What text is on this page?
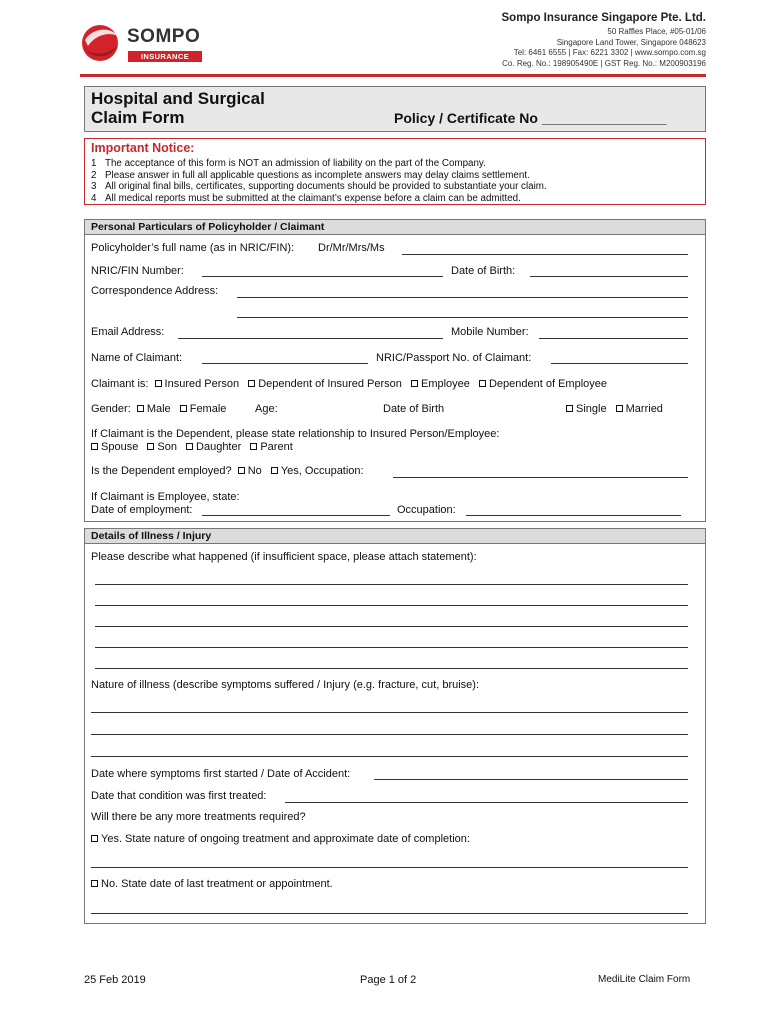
SOMPO
INSURANCE
Sompo Insurance Singapore Pte. Ltd.
50 Raffles Place, #05-01/06
Singapore Land Tower, Singapore 048623
Tel: 6461 6555 | Fax: 6221 3302 | www.sompo.com.sg
Co. Reg. No.: 198905490E | GST Reg. No.: M200903196
Hospital and Surgical
Claim Form	Policy / Certificate No ________________
Important Notice:
1 The acceptance of this form is NOT an admission of liability on the part of the Company.
2 Please answer in full all applicable questions as incomplete answers may delay claims settlement.
3 All original final bills, certificates, supporting documents should be provided to substantiate your claim.
4 All medical reports must be submitted at the claimant’s expense before a claim can be admitted.
Personal Particulars of Policyholder / Claimant
Policyholder’s full name (as in NRIC/FIN): Dr/Mr/Mrs/Ms
NRIC/FIN Number:	Date of Birth:
Correspondence Address:
Email Address:	Mobile Number:
Name of Claimant:	NRIC/Passport No. of Claimant:
Claimant is: Insured Person Dependent of Insured Person Employee Dependent of Employee
Gender: Male Female	Age:	Date of Birth	Single Married
If Claimant is the Dependent, please state relationship to Insured Person/Employee:
Spouse Son Daughter Parent
Is the Dependent employed? No Yes, Occupation:
If Claimant is Employee, state:
Date of employment:	Occupation:
Details of Illness / Injury
Please describe what happened (if insufficient space, please attach statement):
Nature of illness (describe symptoms suffered / Injury (e.g. fracture, cut, bruise):
Date where symptoms first started / Date of Accident:
Date that condition was first treated:
Will there be any more treatments required?
Yes. State nature of ongoing treatment and approximate date of completion:
No. State date of last treatment or appointment.
25 Feb 2019	Page 1 of 2	MediLite Claim Form
